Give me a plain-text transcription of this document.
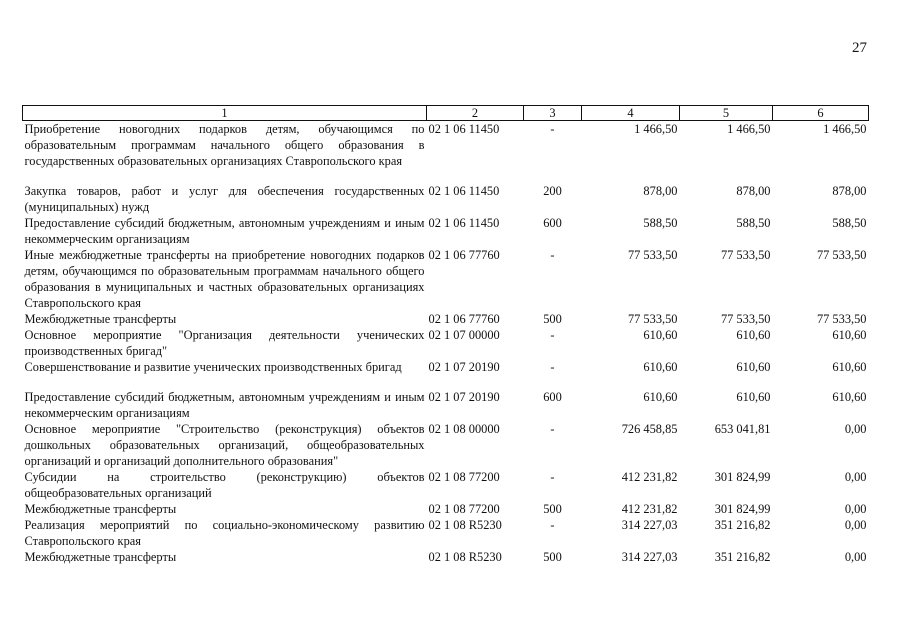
27
1	2	3	4	5	6
Приобретение новогодних подарков детям, обучающимся по образовательным программам начального общего образования в государственных образовательных организациях Ставропольского края	02 1 06 11450	-	1 466,50	1 466,50	1 466,50
Закупка товаров, работ и услуг для обеспечения государственных (муниципальных) нужд	02 1 06 11450	200	878,00	878,00	878,00
Предоставление субсидий бюджетным, автономным учреждениям и иным некоммерческим организациям	02 1 06 11450	600	588,50	588,50	588,50
Иные межбюджетные трансферты на приобретение новогодних подарков детям, обучающимся по образовательным программам начального общего образования в муниципальных и частных образовательных организациях Ставропольского края	02 1 06 77760	-	77 533,50	77 533,50	77 533,50
Межбюджетные трансферты	02 1 06 77760	500	77 533,50	77 533,50	77 533,50
Основное мероприятие "Организация деятельности ученических производственных бригад"	02 1 07 00000	-	610,60	610,60	610,60
Совершенствование и развитие ученических производственных бригад	02 1 07 20190	-	610,60	610,60	610,60
Предоставление субсидий бюджетным, автономным учреждениям и иным некоммерческим организациям	02 1 07 20190	600	610,60	610,60	610,60
Основное мероприятие "Строительство (реконструкция) объектов дошкольных образовательных организаций, общеобразовательных организаций и организаций дополнительного образования"	02 1 08 00000	-	726 458,85	653 041,81	0,00
Субсидии на строительство (реконструкцию) объектов общеобразовательных организаций	02 1 08 77200	-	412 231,82	301 824,99	0,00
Межбюджетные трансферты	02 1 08 77200	500	412 231,82	301 824,99	0,00
Реализация мероприятий по социально-экономическому развитию Ставропольского края	02 1 08 R5230	-	314 227,03	351 216,82	0,00
Межбюджетные трансферты	02 1 08 R5230	500	314 227,03	351 216,82	0,00
